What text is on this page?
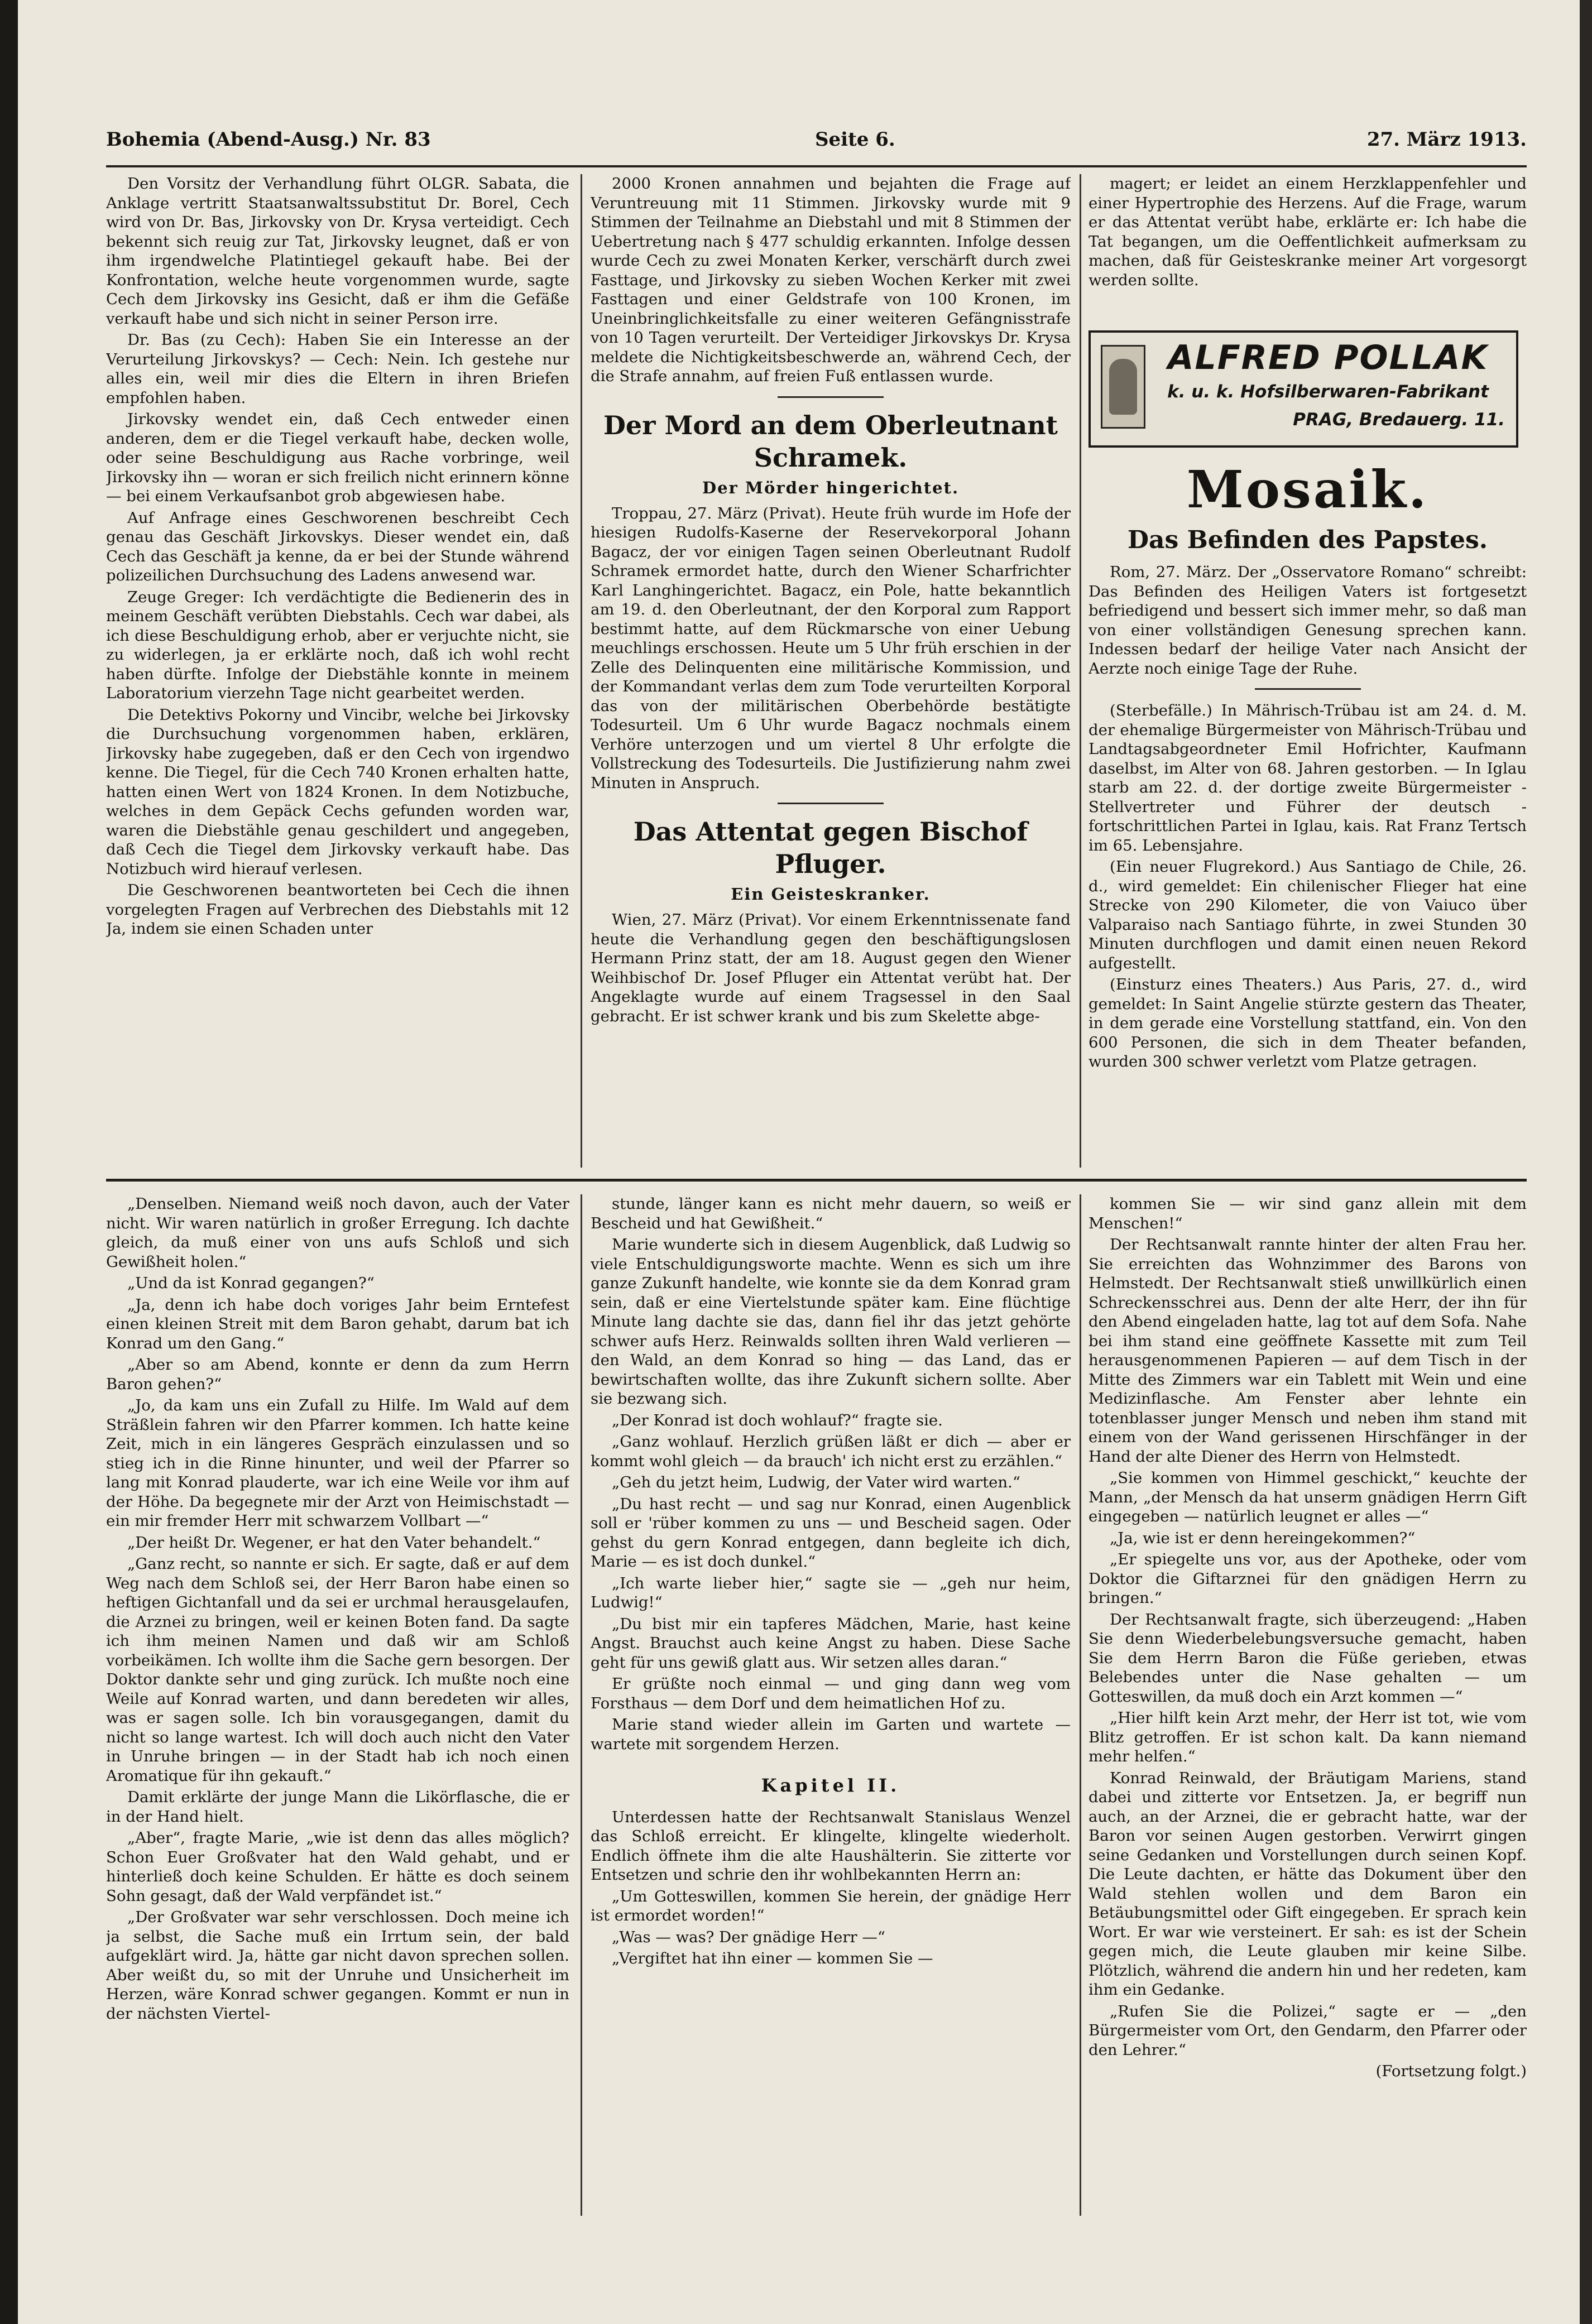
Bohemia (Abend-Ausg.) Nr. 83	Seite 6.	27. März 1913.

Den Vorsitz der Verhandlung führt OLGR. Sabata, die Anklage vertritt Staatsanwaltssubstitut Dr. Borel, Cech wird von Dr. Bas, Jirkovsky von Dr. Krysa verteidigt. Cech bekennt sich reuig zur Tat, Jirkovsky leugnet, daß er von ihm irgendwelche Platintiegel gekauft habe. Bei der Konfrontation, welche heute vorgenommen wurde, sagte Cech dem Jirkovsky ins Gesicht, daß er ihm die Gefäße verkauft habe und sich nicht in seiner Person irre.

Dr. Bas (zu Cech): Haben Sie ein Interesse an der Verurteilung Jirkovskys? — Cech: Nein. Ich gestehe nur alles ein, weil mir dies die Eltern in ihren Briefen empfohlen haben.

Jirkovsky wendet ein, daß Cech entweder einen anderen, dem er die Tiegel verkauft habe, decken wolle, oder seine Beschuldigung aus Rache vorbringe, weil Jirkovsky ihn — woran er sich freilich nicht erinnern könne — bei einem Verkaufsanbot grob abgewiesen habe.

Auf Anfrage eines Geschworenen beschreibt Cech genau das Geschäft Jirkovskys. Dieser wendet ein, daß Cech das Geschäft ja kenne, da er bei der Stunde während polizeilichen Durchsuchung des Ladens anwesend war.

Zeuge Greger: Ich verdächtigte die Bedienerin des in meinem Geschäft verübten Diebstahls. Cech war dabei, als ich diese Beschuldigung erhob, aber er verjuchte nicht, sie zu widerlegen, ja er erklärte noch, daß ich wohl recht haben dürfte. Infolge der Diebstähle konnte in meinem Laboratorium vierzehn Tage nicht gearbeitet werden.

Die Detektivs Pokorny und Vincibr, welche bei Jirkovsky die Durchsuchung vorgenommen haben, erklären, Jirkovsky habe zugegeben, daß er den Cech von irgendwo kenne. Die Tiegel, für die Cech 740 Kronen erhalten hatte, hatten einen Wert von 1824 Kronen. In dem Notizbuche, welches in dem Gepäck Cechs gefunden worden war, waren die Diebstähle genau geschildert und angegeben, daß Cech die Tiegel dem Jirkovsky verkauft habe. Das Notizbuch wird hierauf verlesen.

Die Geschworenen beantworteten bei Cech die ihnen vorgelegten Fragen auf Verbrechen des Diebstahls mit 12 Ja, indem sie einen Schaden unter

2000 Kronen annahmen und bejahten die Frage auf Veruntreuung mit 11 Stimmen. Jirkovsky wurde mit 9 Stimmen der Teilnahme an Diebstahl und mit 8 Stimmen der Uebertretung nach § 477 schuldig erkannten. Infolge dessen wurde Cech zu zwei Monaten Kerker, verschärft durch zwei Fasttage, und Jirkovsky zu sieben Wochen Kerker mit zwei Fasttagen und einer Geldstrafe von 100 Kronen, im Uneinbringlichkeitsfalle zu einer weiteren Gefängnisstrafe von 10 Tagen verurteilt. Der Verteidiger Jirkovskys Dr. Krysa meldete die Nichtigkeitsbeschwerde an, während Cech, der die Strafe annahm, auf freien Fuß entlassen wurde.

Der Mord an dem Oberleutnant Schramek.
Der Mörder hingerichtet.

Troppau, 27. März (Privat). Heute früh wurde im Hofe der hiesigen Rudolfs-Kaserne der Reservekorporal Johann Bagacz, der vor einigen Tagen seinen Oberleutnant Rudolf Schramek ermordet hatte, durch den Wiener Scharfrichter Karl Langhingerichtet. Bagacz, ein Pole, hatte bekanntlich am 19. d. den Oberleutnant, der den Korporal zum Rapport bestimmt hatte, auf dem Rückmarsche von einer Uebung meuchlings erschossen. Heute um 5 Uhr früh erschien in der Zelle des Delinquenten eine militärische Kommission, und der Kommandant verlas dem zum Tode verurteilten Korporal das von der militärischen Oberbehörde bestätigte Todesurteil. Um 6 Uhr wurde Bagacz nochmals einem Verhöre unterzogen und um viertel 8 Uhr erfolgte die Vollstreckung des Todesurteils. Die Justifizierung nahm zwei Minuten in Anspruch.

Das Attentat gegen Bischof Pfluger.
Ein Geisteskranker.

Wien, 27. März (Privat). Vor einem Erkenntnissenate fand heute die Verhandlung gegen den beschäftigungslosen Hermann Prinz statt, der am 18. August gegen den Wiener Weihbischof Dr. Josef Pfluger ein Attentat verübt hat. Der Angeklagte wurde auf einem Tragsessel in den Saal gebracht. Er ist schwer krank und bis zum Skelette abge-

magert; er leidet an einem Herzklappenfehler und einer Hypertrophie des Herzens. Auf die Frage, warum er das Attentat verübt habe, erklärte er: Ich habe die Tat begangen, um die Oeffentlichkeit aufmerksam zu machen, daß für Geisteskranke meiner Art vorgesorgt werden sollte.

ALFRED POLLAK
k. u. k. Hofsilberwaren-Fabrikant
PRAG, Bredauerg. 11.
Mosaik.
Das Befinden des Papstes.

Rom, 27. März. Der „Osservatore Romano“ schreibt: Das Befinden des Heiligen Vaters ist fortgesetzt befriedigend und bessert sich immer mehr, so daß man von einer vollständigen Genesung sprechen kann. Indessen bedarf der heilige Vater nach Ansicht der Aerzte noch einige Tage der Ruhe.

(Sterbefälle.) In Mährisch-Trübau ist am 24. d. M. der ehemalige Bürgermeister von Mährisch-Trübau und Landtagsabgeordneter Emil Hofrichter, Kaufmann daselbst, im Alter von 68. Jahren gestorben. — In Iglau starb am 22. d. der dortige zweite Bürgermeister - Stellvertreter und Führer der deutsch - fortschrittlichen Partei in Iglau, kais. Rat Franz Tertsch im 65. Lebensjahre.

(Ein neuer Flugrekord.) Aus Santiago de Chile, 26. d., wird gemeldet: Ein chilenischer Flieger hat eine Strecke von 290 Kilometer, die von Vaiuco über Valparaiso nach Santiago führte, in zwei Stunden 30 Minuten durchflogen und damit einen neuen Rekord aufgestellt.

(Einsturz eines Theaters.) Aus Paris, 27. d., wird gemeldet: In Saint Angelie stürzte gestern das Theater, in dem gerade eine Vorstellung stattfand, ein. Von den 600 Personen, die sich in dem Theater befanden, wurden 300 schwer verletzt vom Platze getragen.

„Denselben. Niemand weiß noch davon, auch der Vater nicht. Wir waren natürlich in großer Erregung. Ich dachte gleich, da muß einer von uns aufs Schloß und sich Gewißheit holen.“

„Und da ist Konrad gegangen?“

„Ja, denn ich habe doch voriges Jahr beim Erntefest einen kleinen Streit mit dem Baron gehabt, darum bat ich Konrad um den Gang.“

„Aber so am Abend, konnte er denn da zum Herrn Baron gehen?“

„Jo, da kam uns ein Zufall zu Hilfe. Im Wald auf dem Sträßlein fahren wir den Pfarrer kommen. Ich hatte keine Zeit, mich in ein längeres Gespräch einzulassen und so stieg ich in die Rinne hinunter, und weil der Pfarrer so lang mit Konrad plauderte, war ich eine Weile vor ihm auf der Höhe. Da begegnete mir der Arzt von Heimischstadt — ein mir fremder Herr mit schwarzem Vollbart —“

„Der heißt Dr. Wegener, er hat den Vater behandelt.“

„Ganz recht, so nannte er sich. Er sagte, daß er auf dem Weg nach dem Schloß sei, der Herr Baron habe einen so heftigen Gichtanfall und da sei er urchmal herausgelaufen, die Arznei zu bringen, weil er keinen Boten fand. Da sagte ich ihm meinen Namen und daß wir am Schloß vorbeikämen. Ich wollte ihm die Sache gern besorgen. Der Doktor dankte sehr und ging zurück. Ich mußte noch eine Weile auf Konrad warten, und dann beredeten wir alles, was er sagen solle. Ich bin vorausgegangen, damit du nicht so lange wartest. Ich will doch auch nicht den Vater in Unruhe bringen — in der Stadt hab ich noch einen Aromatique für ihn gekauft.“

Damit erklärte der junge Mann die Likörflasche, die er in der Hand hielt.

„Aber“, fragte Marie, „wie ist denn das alles möglich? Schon Euer Großvater hat den Wald gehabt, und er hinterließ doch keine Schulden. Er hätte es doch seinem Sohn gesagt, daß der Wald verpfändet ist.“

„Der Großvater war sehr verschlossen. Doch meine ich ja selbst, die Sache muß ein Irrtum sein, der bald aufgeklärt wird. Ja, hätte gar nicht davon sprechen sollen. Aber weißt du, so mit der Unruhe und Unsicherheit im Herzen, wäre Konrad schwer gegangen. Kommt er nun in der nächsten Viertel-

stunde, länger kann es nicht mehr dauern, so weiß er Bescheid und hat Gewißheit.“

Marie wunderte sich in diesem Augenblick, daß Ludwig so viele Entschuldigungsworte machte. Wenn es sich um ihre ganze Zukunft handelte, wie konnte sie da dem Konrad gram sein, daß er eine Viertelstunde später kam. Eine flüchtige Minute lang dachte sie das, dann fiel ihr das jetzt gehörte schwer aufs Herz. Reinwalds sollten ihren Wald verlieren — den Wald, an dem Konrad so hing — das Land, das er bewirtschaften wollte, das ihre Zukunft sichern sollte. Aber sie bezwang sich.

„Der Konrad ist doch wohlauf?“ fragte sie.

„Ganz wohlauf. Herzlich grüßen läßt er dich — aber er kommt wohl gleich — da brauch' ich nicht erst zu erzählen.“

„Geh du jetzt heim, Ludwig, der Vater wird warten.“

„Du hast recht — und sag nur Konrad, einen Augenblick soll er 'rüber kommen zu uns — und Bescheid sagen. Oder gehst du gern Konrad entgegen, dann begleite ich dich, Marie — es ist doch dunkel.“

„Ich warte lieber hier,“ sagte sie — „geh nur heim, Ludwig!“

„Du bist mir ein tapferes Mädchen, Marie, hast keine Angst. Brauchst auch keine Angst zu haben. Diese Sache geht für uns gewiß glatt aus. Wir setzen alles daran.“

Er grüßte noch einmal — und ging dann weg vom Forsthaus — dem Dorf und dem heimatlichen Hof zu.

Marie stand wieder allein im Garten und wartete — wartete mit sorgendem Herzen.

Kapitel II.

Unterdessen hatte der Rechtsanwalt Stanislaus Wenzel das Schloß erreicht. Er klingelte, klingelte wiederholt. Endlich öffnete ihm die alte Haushälterin. Sie zitterte vor Entsetzen und schrie den ihr wohlbekannten Herrn an:

„Um Gotteswillen, kommen Sie herein, der gnädige Herr ist ermordet worden!“

„Was — was? Der gnädige Herr —“

„Vergiftet hat ihn einer — kommen Sie —

kommen Sie — wir sind ganz allein mit dem Menschen!“

Der Rechtsanwalt rannte hinter der alten Frau her. Sie erreichten das Wohnzimmer des Barons von Helmstedt. Der Rechtsanwalt stieß unwillkürlich einen Schreckensschrei aus. Denn der alte Herr, der ihn für den Abend eingeladen hatte, lag tot auf dem Sofa. Nahe bei ihm stand eine geöffnete Kassette mit zum Teil herausgenommenen Papieren — auf dem Tisch in der Mitte des Zimmers war ein Tablett mit Wein und eine Medizinflasche. Am Fenster aber lehnte ein totenblasser junger Mensch und neben ihm stand mit einem von der Wand gerissenen Hirschfänger in der Hand der alte Diener des Herrn von Helmstedt.

„Sie kommen von Himmel geschickt,“ keuchte der Mann, „der Mensch da hat unserm gnädigen Herrn Gift eingegeben — natürlich leugnet er alles —“

„Ja, wie ist er denn hereingekommen?“

„Er spiegelte uns vor, aus der Apotheke, oder vom Doktor die Giftarznei für den gnädigen Herrn zu bringen.“

Der Rechtsanwalt fragte, sich überzeugend: „Haben Sie denn Wiederbelebungsversuche gemacht, haben Sie dem Herrn Baron die Füße gerieben, etwas Belebendes unter die Nase gehalten — um Gotteswillen, da muß doch ein Arzt kommen —“

„Hier hilft kein Arzt mehr, der Herr ist tot, wie vom Blitz getroffen. Er ist schon kalt. Da kann niemand mehr helfen.“

Konrad Reinwald, der Bräutigam Mariens, stand dabei und zitterte vor Entsetzen. Ja, er begriff nun auch, an der Arznei, die er gebracht hatte, war der Baron vor seinen Augen gestorben. Verwirrt gingen seine Gedanken und Vorstellungen durch seinen Kopf. Die Leute dachten, er hätte das Dokument über den Wald stehlen wollen und dem Baron ein Betäubungsmittel oder Gift eingegeben. Er sprach kein Wort. Er war wie versteinert. Er sah: es ist der Schein gegen mich, die Leute glauben mir keine Silbe. Plötzlich, während die andern hin und her redeten, kam ihm ein Gedanke.

„Rufen Sie die Polizei,“ sagte er — „den Bürgermeister vom Ort, den Gendarm, den Pfarrer oder den Lehrer.“

(Fortsetzung folgt.)
